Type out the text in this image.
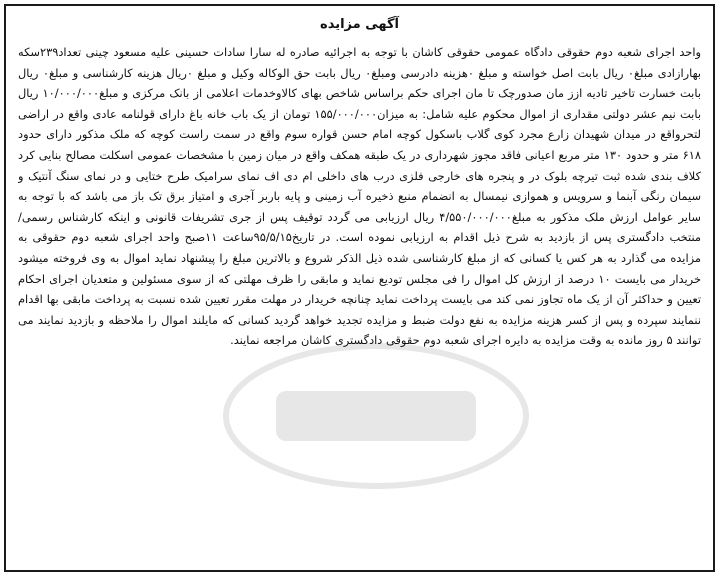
آگهی مزایده
واحد اجرای شعبه دوم حقوقی دادگاه عمومی حقوقی کاشان با توجه به اجرائیه صادره له سارا سادات حسینی علیه مسعود چینی تعداد۲۳۹سکه بهارازادی مبلغ۰ ریال بابت اصل خواسته و مبلغ ۰هزینه دادرسی ومبلغ۰ ریال بابت حق الوکاله وکیل و مبلغ ۰ریال هزینه کارشناسی و مبلغ۰ ریال بابت خسارت تاخیر تادیه ازز مان صدورچک تا مان اجرای حکم براساس شاخص بهای کالاوخدمات اعلامی از بانک مرکزی و مبلغ۱۰/۰۰۰/۰۰۰ ریال بابت نیم عشر دولتی مقداری از اموال محکوم علیه شامل: به میزان۱۵۵/۰۰۰/۰۰۰ تومان از یک باب خانه باغ دارای قولنامه عادی واقع در اراضی لتحرواقع در میدان شهیدان زارع مجرد کوی گلاب باسکول کوچه امام حسن قواره سوم واقع در سمت راست کوچه که ملک مذکور دارای حدود ۶۱۸ متر و حدود ۱۳۰ متر مربع اعیانی فاقد مجوز شهرداری در یک طبقه همکف واقع در میان زمین با مشخصات عمومی اسکلت مصالح بنایی کرد کلاف بندی شده ثبت تیرچه بلوک در و پنجره های خارجی فلزی درب های داخلی ام دی اف نمای سرامیک طرح ختایی و در نمای سنگ آنتیک و سیمان رنگی آبنما و سرویس و هموازی نیمسال به انضمام منبع ذخیره آب زمینی و پایه باربر آجری و امتیاز برق تک باز می باشد که با توجه به سایر عوامل ارزش ملک مذکور به مبلغ۴/۵۵۰/۰۰۰/۰۰۰ ریال ارزیابی می گردد توقیف پس از جری تشریفات قانونی و اینکه کارشناس رسمی/ منتخب دادگستری پس از بازدید به شرح ذیل اقدام به ارزیابی نموده است. در تاریخ۹۵/۵/۱۵ساعت ۱۱صبح واحد اجرای شعبه دوم حقوقی به مزایده می گذارد به هر کس یا کسانی که از مبلغ کارشناسی شده ذیل الذکر شروع و بالاترین مبلغ را پیشنهاد نماید اموال به وی فروخته میشود خریدار می بایست ۱۰ درصد از ارزش کل اموال را فی مجلس تودیع نماید و مابقی را ظرف مهلتی که از سوی مسئولین و متعدیان اجرای احکام تعیین و حداکثر آن از یک ماه تجاوز نمی کند می بایست پرداخت نماید چنانچه خریدار در مهلت مقرر تعیین شده نسبت به پرداخت مابقی بها اقدام ننمایند سپرده و پس از کسر هزینه مزایده به نفع دولت ضبط و مزایده تجدید خواهد گردید کسانی که مایلند اموال را ملاحظه و بازدید نمایند می توانند ۵ روز مانده به وقت مزایده به دایره اجرای شعبه دوم حقوقی دادگستری کاشان مراجعه نمایند.
